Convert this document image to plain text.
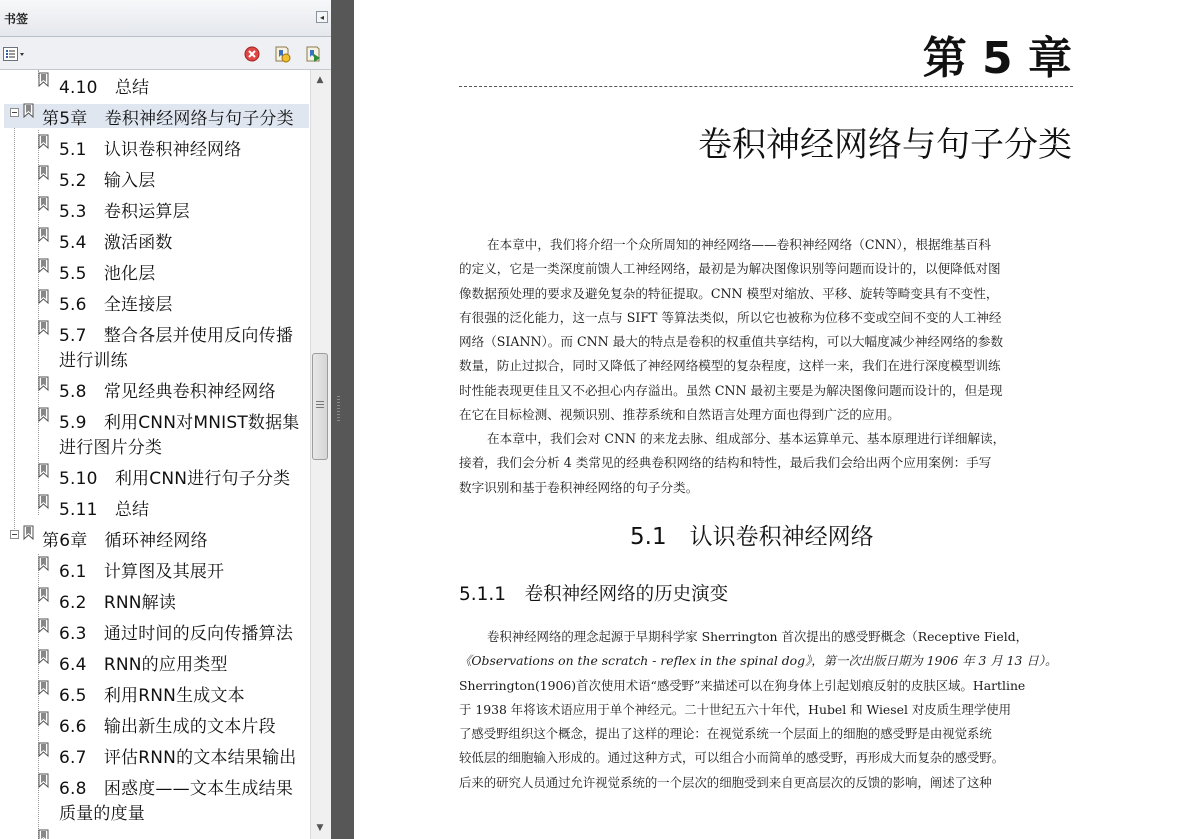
书签	◂
4.10　总结
第5章　卷积神经网络与句子分类
5.1　认识卷积神经网络
5.2　输入层
5.3　卷积运算层
5.4　激活函数
5.5　池化层
5.6　全连接层
5.7　整合各层并使用反向传播
进行训练
5.8　常见经典卷积神经网络
5.9　利用CNN对MNIST数据集
进行图片分类
5.10　利用CNN进行句子分类
5.11　总结
第6章　循环神经网络
6.1　计算图及其展开
6.2　RNN解读
6.3　通过时间的反向传播算法
6.4　RNN的应用类型
6.5　利用RNN生成文本
6.6　输出新生成的文本片段
6.7　评估RNN的文本结果输出
6.8　困惑度——文本生成结果
质量的度量
▲
▼
第 5 章
卷积神经网络与句子分类
在本章中，我们将介绍一个众所周知的神经网络——卷积神经网络（CNN），根据维基百科
的定义，它是一类深度前馈人工神经网络，最初是为解决图像识别等问题而设计的，以便降低对图
像数据预处理的要求及避免复杂的特征提取。CNN 模型对缩放、平移、旋转等畸变具有不变性，
有很强的泛化能力，这一点与 SIFT 等算法类似，所以它也被称为位移不变或空间不变的人工神经
网络（SIANN）。而 CNN 最大的特点是卷积的权重值共享结构，可以大幅度减少神经网络的参数
数量，防止过拟合，同时又降低了神经网络模型的复杂程度，这样一来，我们在进行深度模型训练
时性能表现更佳且又不必担心内存溢出。虽然 CNN 最初主要是为解决图像问题而设计的，但是现
在它在目标检测、视频识别、推荐系统和自然语言处理方面也得到广泛的应用。
在本章中，我们会对 CNN 的来龙去脉、组成部分、基本运算单元、基本原理进行详细解读，
接着，我们会分析 4 类常见的经典卷积网络的结构和特性，最后我们会给出两个应用案例：手写
数字识别和基于卷积神经网络的句子分类。
5.1　认识卷积神经网络
5.1.1　卷积神经网络的历史演变
卷积神经网络的理念起源于早期科学家 Sherrington 首次提出的感受野概念（Receptive Field，
《Observations on the scratch - reflex in the spinal dog》，第一次出版日期为 1906 年 3 月 13 日）。
Sherrington(1906)首次使用术语“感受野”来描述可以在狗身体上引起划痕反射的皮肤区域。Hartline
于 1938 年将该术语应用于单个神经元。二十世纪五六十年代，Hubel 和 Wiesel 对皮质生理学使用
了感受野组织这个概念，提出了这样的理论：在视觉系统一个层面上的细胞的感受野是由视觉系统
较低层的细胞输入形成的。通过这种方式，可以组合小而简单的感受野，再形成大而复杂的感受野。
后来的研究人员通过允许视觉系统的一个层次的细胞受到来自更高层次的反馈的影响，阐述了这种
